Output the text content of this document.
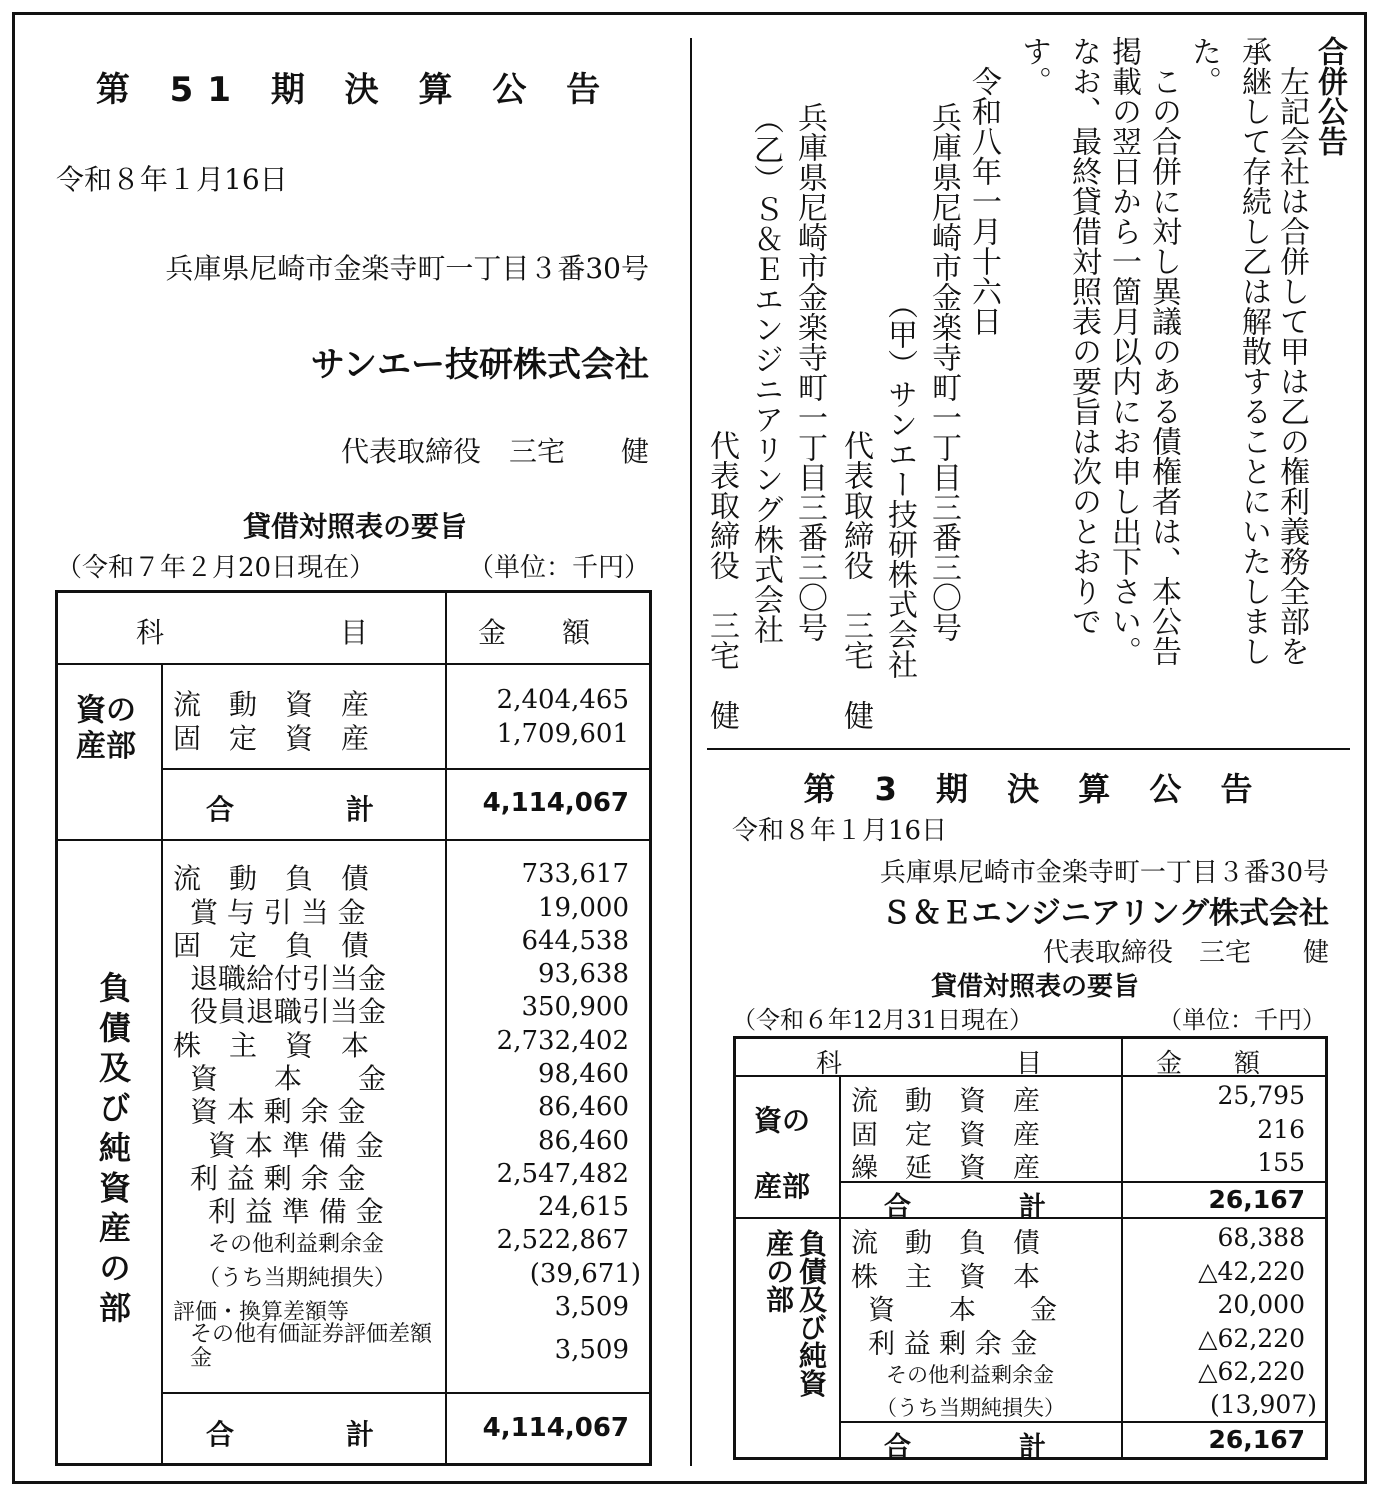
第 51 期 決 算 公 告
令和８年１月16日
兵庫県尼崎市金楽寺町一丁目３番30号
サンエー技研株式会社
代表取締役　三宅　　健
貸借対照表の要旨
（令和７年２月20日現在）	（単位：千円）
科	目	金　　額
資の
産部
負債及び純資産の部
流　動　資　産	2,404,465
固　定　資　産	1,709,601
合　　　　計	4,114,067
流　動　負　債	733,617
賞 与 引 当 金	19,000
固　定　負　債	644,538
退職給付引当金	93,638
役員退職引当金	350,900
株　主　資　本	2,732,402
資　　本　　金	98,460
資 本 剰 余 金	86,460
資 本 準 備 金	86,460
利 益 剰 余 金	2,547,482
利 益 準 備 金	24,615
その他利益剰余金	2,522,867
（うち当期純損失）	(39,671)
評価・換算差額等	3,509
その他有価証券評価差額金	3,509
合　　　　計	4,114,067
合併公告
　左記会社は合併して甲は乙の権利義務全部を
承継して存続し乙は解散することにいたしまし
た。
　この合併に対し異議のある債権者は、本公告
掲載の翌日から一箇月以内にお申し出下さい。
なお、最終貸借対照表の要旨は次のとおりで
す。
　令和八年一月十六日
　兵庫県尼崎市金楽寺町一丁目三番三〇号
　　（甲）サンエー技研株式会社
　　　　代表取締役　三宅　健
　兵庫県尼崎市金楽寺町一丁目三番三〇号
（乙）Ｓ＆Ｅエンジニアリング株式会社
　　　　代表取締役　三宅　健
第 3 期 決 算 公 告
令和８年１月16日
兵庫県尼崎市金楽寺町一丁目３番30号
Ｓ＆Ｅエンジニアリング株式会社
代表取締役　三宅　　健
貸借対照表の要旨
（令和６年12月31日現在）	（単位：千円）
科	目	金　　額
資の
産部
負債及び純資産の部
流　動　資　産	25,795
固　定　資　産	216
繰　延　資　産	155
合　　　　計	26,167
流　動　負　債	68,388
株　主　資　本	△42,220
資　　本　　金	20,000
利 益 剰 余 金	△62,220
その他利益剰余金	△62,220
（うち当期純損失）	(13,907)
合　　　　計	26,167
